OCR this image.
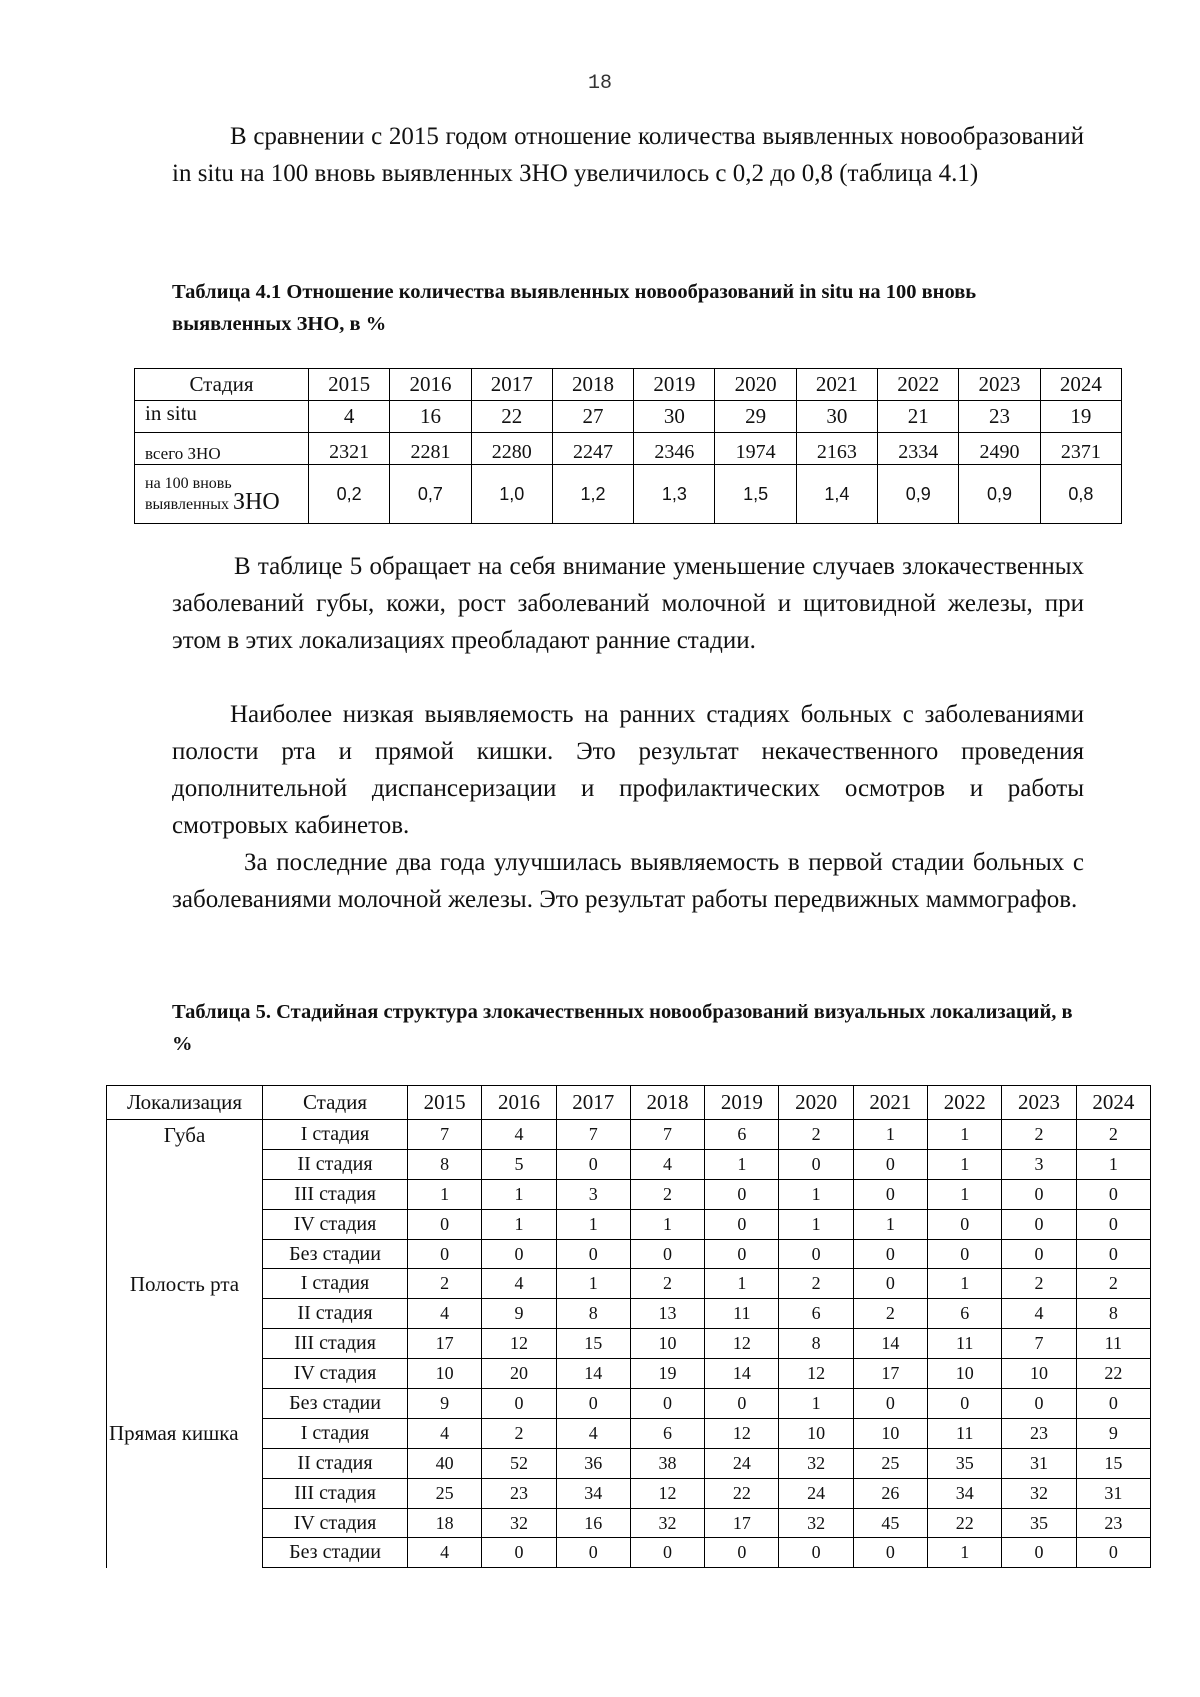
18
В сравнении с 2015 годом отношение количества выявленных новообразований in situ на 100 вновь выявленных ЗНО увеличилось с 0,2 до 0,8 (таблица 4.1)
Таблица 4.1 Отношение количества выявленных новообразований in situ на 100 вновь выявленных ЗНО, в %
Стадия	2015	2016	2017	2018	2019	2020	2021	2022	2023	2024
in situ	4	16	22	27	30	29	30	21	23	19
всего ЗНО	2321	2281	2280	2247	2346	1974	2163	2334	2490	2371
на 100 вновь выявленных ЗНО	0,2	0,7	1,0	1,2	1,3	1,5	1,4	0,9	0,9	0,8
В таблице 5 обращает на себя внимание уменьшение случаев злокачественных заболеваний губы, кожи, рост заболеваний молочной и щитовидной железы, при этом в этих локализациях преобладают ранние стадии.
Наиболее низкая выявляемость на ранних стадиях больных с заболеваниями полости рта и прямой кишки. Это результат некачественного проведения дополнительной диспансеризации и профилактических осмотров и работы смотровых кабинетов.
За последние два года улучшилась выявляемость в первой стадии больных с заболеваниями молочной железы. Это результат работы передвижных маммографов.
Таблица 5. Стадийная структура злокачественных новообразований визуальных локализаций, в %
Локализация	Стадия	2015	2016	2017	2018	2019	2020	2021	2022	2023	2024
Губа	I стадия	7	4	7	7	6	2	1	1	2	2
	II стадия	8	5	0	4	1	0	0	1	3	1
	III стадия	1	1	3	2	0	1	0	1	0	0
	IV стадия	0	1	1	1	0	1	1	0	0	0
	Без стадии	0	0	0	0	0	0	0	0	0	0
Полость рта	I стадия	2	4	1	2	1	2	0	1	2	2
	II стадия	4	9	8	13	11	6	2	6	4	8
	III стадия	17	12	15	10	12	8	14	11	7	11
	IV стадия	10	20	14	19	14	12	17	10	10	22
	Без стадии	9	0	0	0	0	1	0	0	0	0
Прямая кишка	I стадия	4	2	4	6	12	10	10	11	23	9
	II стадия	40	52	36	38	24	32	25	35	31	15
	III стадия	25	23	34	12	22	24	26	34	32	31
	IV стадия	18	32	16	32	17	32	45	22	35	23
	Без стадии	4	0	0	0	0	0	0	1	0	0
